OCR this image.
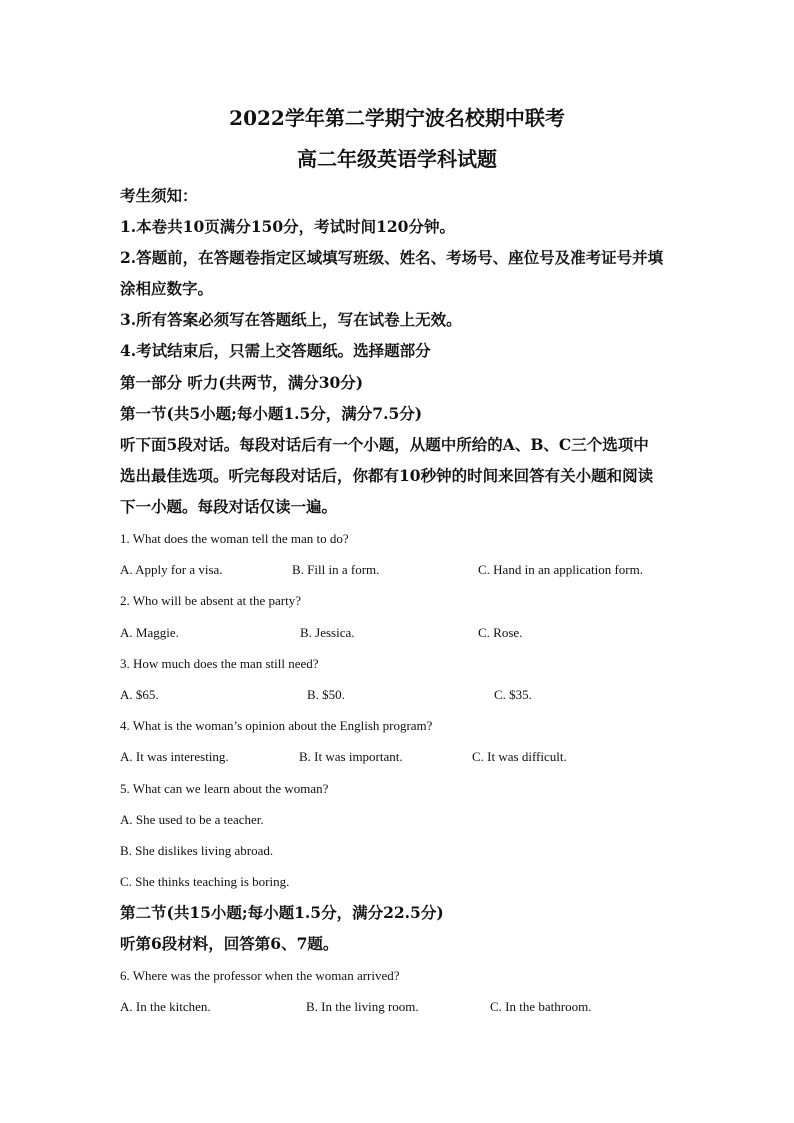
2022学年第二学期宁波名校期中联考
高二年级英语学科试题
考生须知：
1.本卷共10页满分150分，考试时间120分钟。
2.答题前，在答题卷指定区域填写班级、姓名、考场号、座位号及准考证号并填
涂相应数字。
3.所有答案必须写在答题纸上，写在试卷上无效。
4.考试结束后，只需上交答题纸。选择题部分
第一部分 听力(共两节，满分30分)
第一节(共5小题;每小题1.5分，满分7.5分)
听下面5段对话。每段对话后有一个小题，从题中所给的A、B、C三个选项中
选出最佳选项。听完每段对话后，你都有10秒钟的时间来回答有关小题和阅读
下一小题。每段对话仅读一遍。
1. What does the woman tell the man to do?
A. Apply for a visa.	B. Fill in a form.	C. Hand in an application form.
2. Who will be absent at the party?
A. Maggie.	B. Jessica.	C. Rose.
3. How much does the man still need?
A. $65.	B. $50.	C. $35.
4. What is the woman’s opinion about the English program?
A. It was interesting.	B. It was important.	C. It was difficult.
5. What can we learn about the woman?
A. She used to be a teacher.
B. She dislikes living abroad.
C. She thinks teaching is boring.
第二节(共15小题;每小题1.5分，满分22.5分)
听第6段材料，回答第6、7题。
6. Where was the professor when the woman arrived?
A. In the kitchen.	B. In the living room.	C. In the bathroom.
